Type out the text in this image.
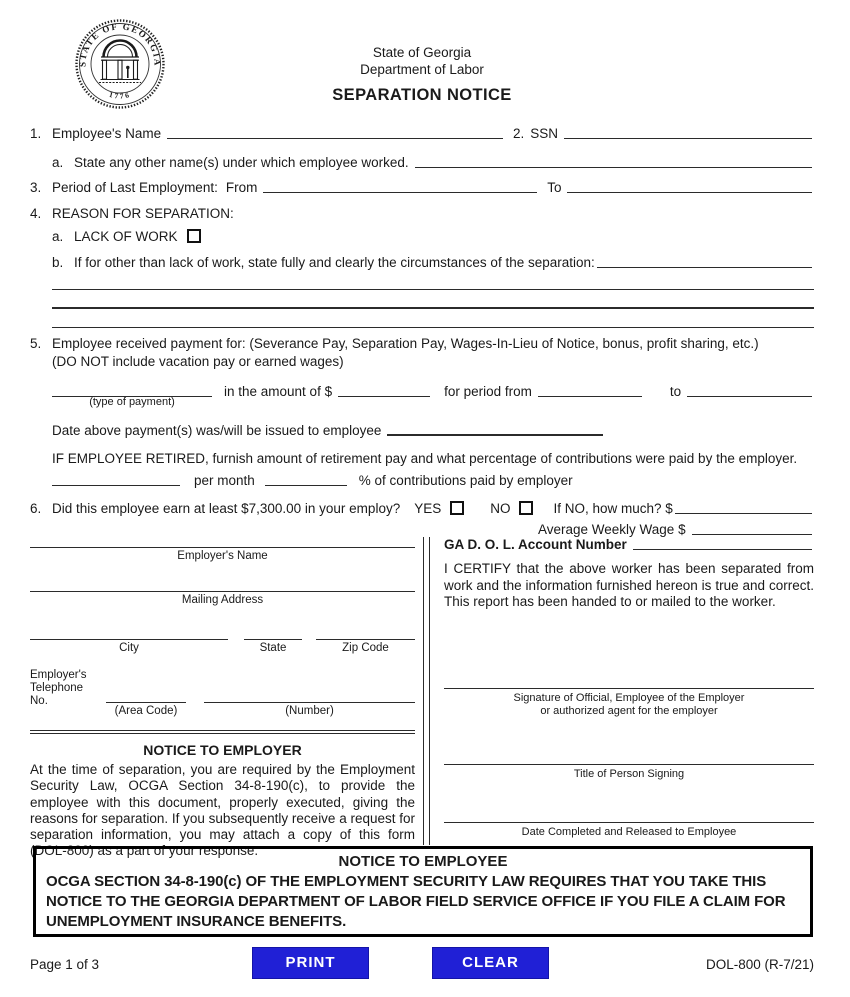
STATE OF GEORGIA
1776
State of Georgia
Department of Labor
SEPARATION NOTICE
1. Employee's Name	2. SSN
a. State any other name(s) under which employee worked.
3. Period of Last Employment: From	To
4. REASON FOR SEPARATION:
a. LACK OF WORK
b. If for other than lack of work, state fully and clearly the circumstances of the separation:
5. Employee received payment for: (Severance Pay, Separation Pay, Wages-In-Lieu of Notice, bonus, profit sharing, etc.)
(DO NOT include vacation pay or earned wages)
(type of payment)
in the amount of $	for period from	to
Date above payment(s) was/will be issued to employee
IF EMPLOYEE RETIRED, furnish amount of retirement pay and what percentage of contributions were paid by the employer.
per month	% of contributions paid by employer
6. Did this employee earn at least $7,300.00 in your employ? YES	NO	If NO, how much? $
Average Weekly Wage $
Employer's Name
Mailing Address
City	State	Zip Code
Employer's Telephone No.
(Area Code)	(Number)
NOTICE TO EMPLOYER
At the time of separation, you are required by the Employment Security Law, OCGA Section 34-8-190(c), to provide the employee with this document, properly executed, giving the reasons for separation. If you subsequently receive a request for separation information, you may attach a copy of this form (DOL-800) as a part of your response.
GA D. O. L. Account Number
I CERTIFY that the above worker has been separated from work and the information furnished hereon is true and correct. This report has been handed to or mailed to the worker.
Signature of Official, Employee of the Employer
or authorized agent for the employer
Title of Person Signing
Date Completed and Released to Employee
NOTICE TO EMPLOYEE
OCGA SECTION 34-8-190(c) OF THE EMPLOYMENT SECURITY LAW REQUIRES THAT YOU TAKE THIS NOTICE TO THE GEORGIA DEPARTMENT OF LABOR FIELD SERVICE OFFICE IF YOU FILE A CLAIM FOR UNEMPLOYMENT INSURANCE BENEFITS.
Page 1 of 3	PRINT	CLEAR	DOL-800 (R-7/21)
